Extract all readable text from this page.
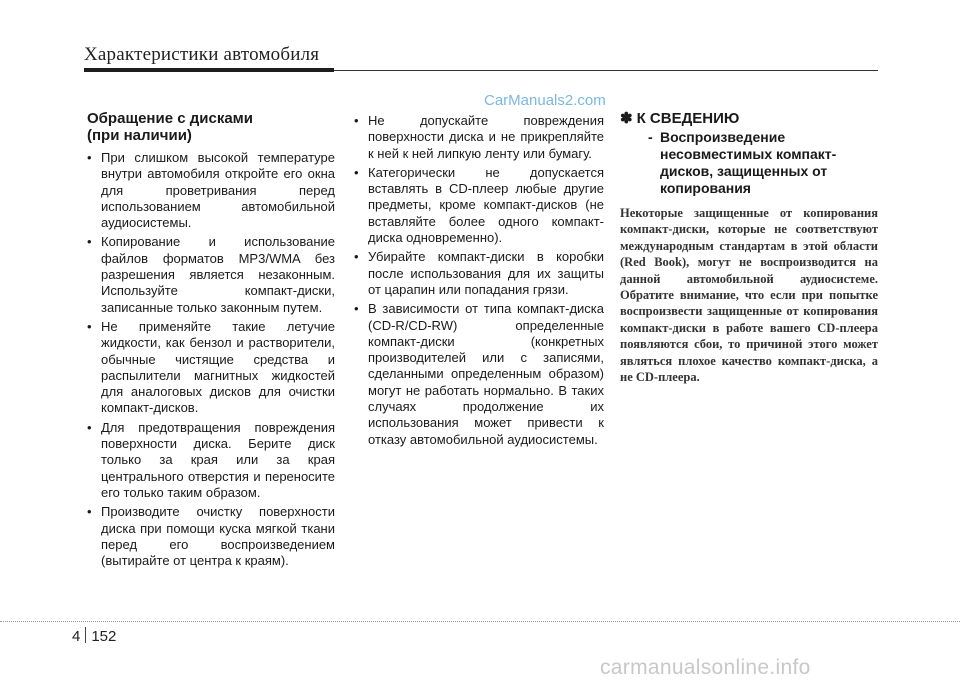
Характеристики автомобиля
CarManuals2.com
Обращение с дисками
(при наличии)
• При слишком высокой температуре внутри автомобиля откройте его окна для проветривания перед использованием автомобильной аудиосистемы.
• Копирование и использование файлов форматов MP3/WMA без разрешения является незаконным. Используйте компакт-диски, записанные только законным путем.
• Не применяйте такие летучие жидкости, как бензол и растворители, обычные чистящие средства и распылители магнитных жидкостей для аналоговых дисков для очистки компакт-дисков.
• Для предотвращения повреждения поверхности диска. Берите диск только за края или за края центрального отверстия и переносите его только таким образом.
• Производите очистку поверхности диска при помощи куска мягкой ткани перед его воспроизведением (вытирайте от центра к краям).
• Не допускайте повреждения поверхности диска и не прикрепляйте к ней к ней липкую ленту или бумагу.
• Категорически не допускается вставлять в CD-плеер любые другие предметы, кроме компакт-дисков (не вставляйте более одного компакт-диска одновременно).
• Убирайте компакт-диски в коробки после использования для их защиты от царапин или попадания грязи.
• В зависимости от типа компакт-диска (CD-R/CD-RW) определенные компакт-диски (конкретных производителей или с записями, сделанными определенным образом) могут не работать нормально. В таких случаях продолжение их использования может привести к отказу автомобильной аудиосистемы.
✽ К СВЕДЕНИЮ
- Воспроизведение
несовместимых компакт-
дисков, защищенных от
копирования
Некоторые защищенные от копирования компакт-диски, которые не соответствуют международным стандартам в этой области (Red Book), могут не воспроизводится на данной автомобильной аудиосистеме. Обратите внимание, что если при попытке воспроизвести защищенные от копирования компакт-диски в работе вашего CD-плеера появляются сбои, то причиной этого может являться плохое качество компакт-диска, а не CD-плеера.
4 152
carmanualsonline.info
